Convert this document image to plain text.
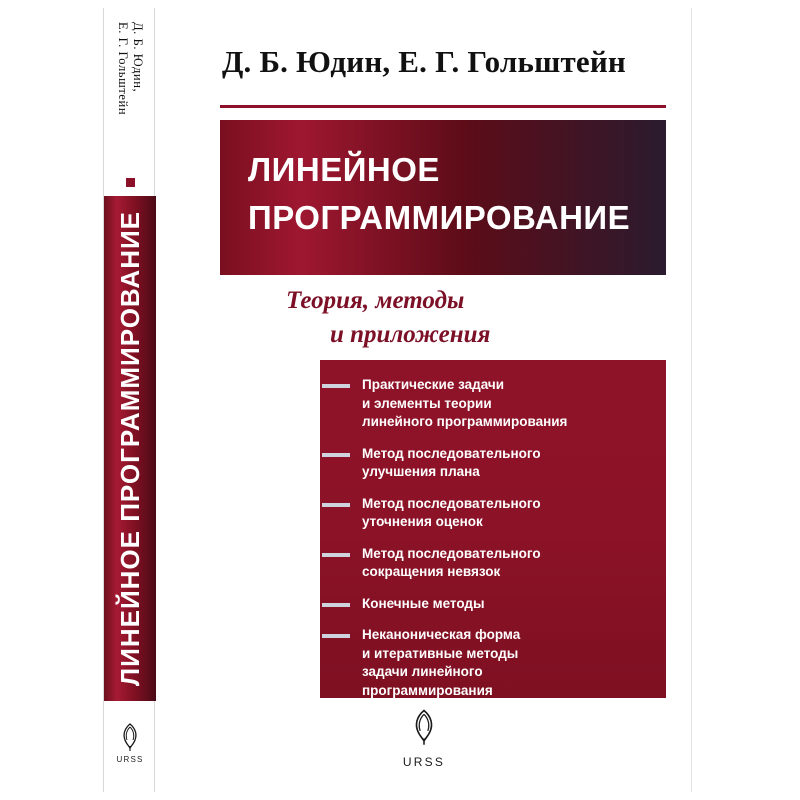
Д. Б. Юдин,
Е. Г. Гольштейн
ЛИНЕЙНОЕ ПРОГРАММИРОВАНИЕ
URSS
Д. Б. Юдин, Е. Г. Гольштейн
ЛИНЕЙНОЕ
ПРОГРАММИРОВАНИЕ
Теория, методы
и приложения
Практические задачи
и элементы теории
линейного программирования
Метод последовательного
улучшения плана
Метод последовательного
уточнения оценок
Метод последовательного
сокращения невязок
Конечные методы
Неканоническая форма
и итеративные методы
задачи линейного
программирования
URSS
